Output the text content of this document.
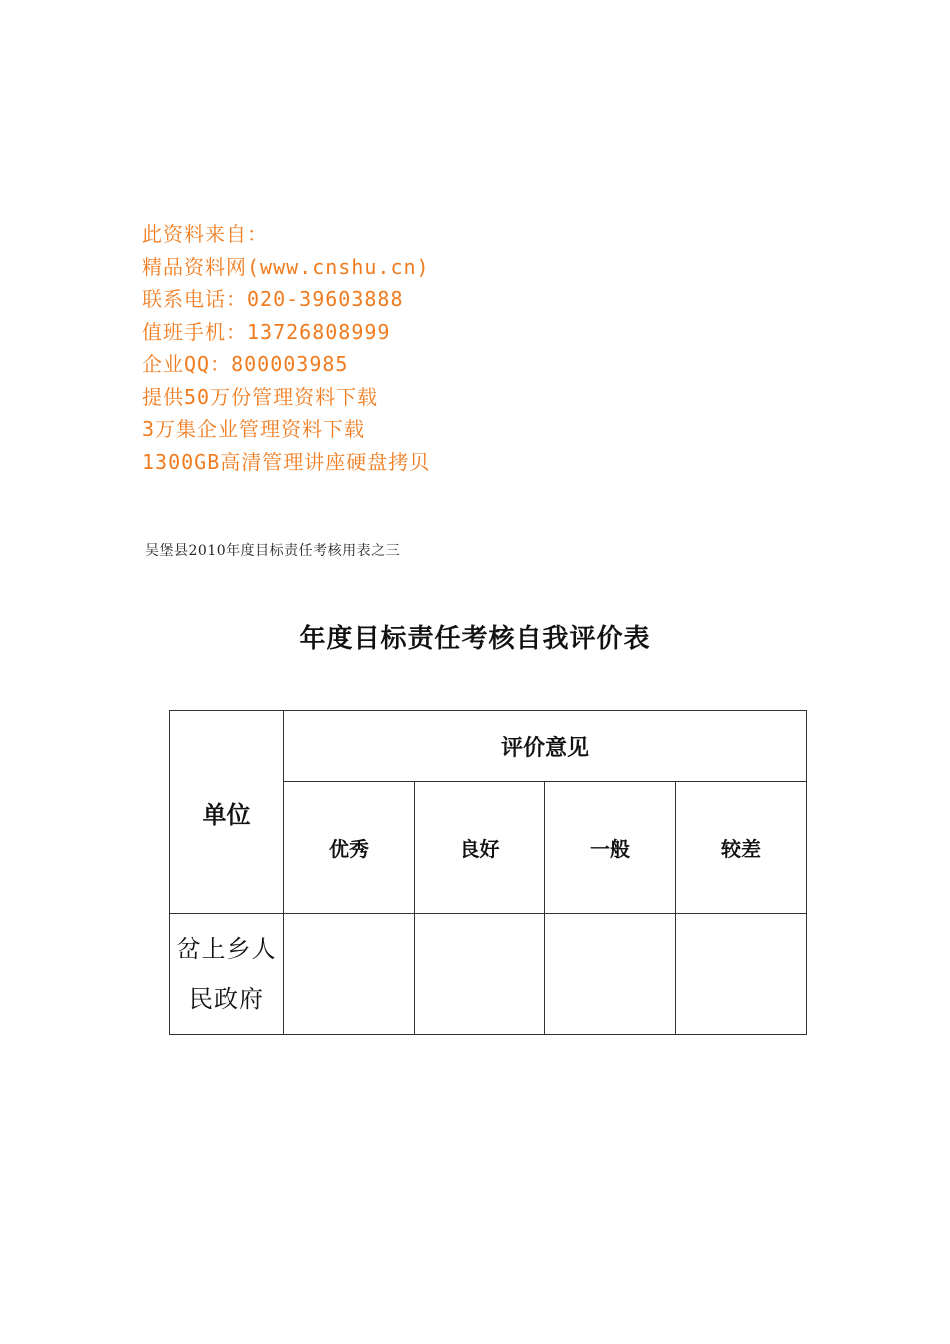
此资料来自：
精品资料网(www.cnshu.cn)
联系电话：020-39603888
值班手机：13726808999
企业QQ：800003985
提供50万份管理资料下载
3万集企业管理资料下载
1300GB高清管理讲座硬盘拷贝
吴堡县2010年度目标责任考核用表之三
年度目标责任考核自我评价表
单位	评价意见			
	优秀	良好	一般	较差

岔上乡人民政府				
